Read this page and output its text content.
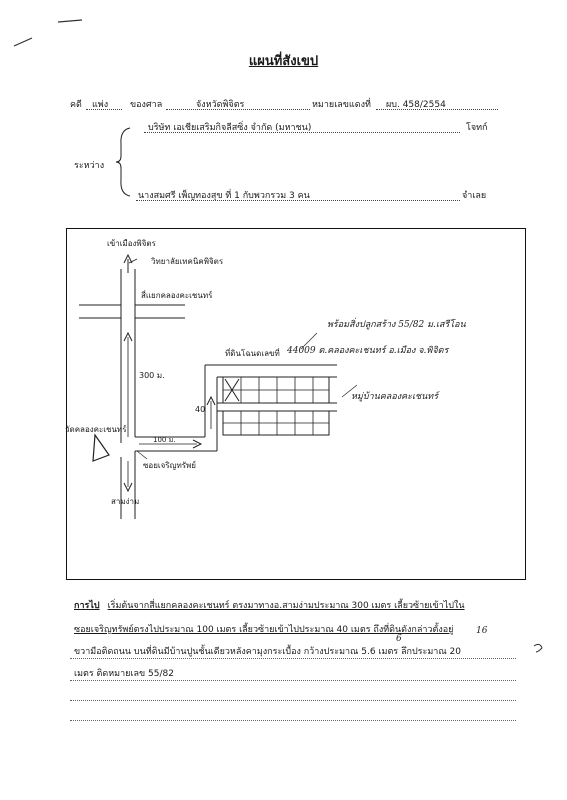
แผนที่สังเขป
คดี แพ่ง ของศาล	จังหวัดพิจิตร	หมายเลขแดงที่ ผบ. 458/2554
บริษัท เอเชียเสริมกิจลีสซิ่ง จำกัด (มหาชน)	โจทก์
ระหว่าง
นางสมศรี เพ็ญทองสุข ที่ 1 กับพวกรวม 3 คน	จำเลย
เข้าเมืองพิจิตร
วิทยาลัยเทคนิคพิจิตร
สี่แยกคลองคะเชนทร์
300 ม.
40
100 ม.
ที่ดินโฉนดเลขที่ 44009 ต.คลองคะเชนทร์ อ.เมือง จ.พิจิตร
พร้อมสิ่งปลูกสร้าง 55/82 ม.เสรีโอน
หมู่บ้านคลองคะเชนทร์
วัดคลองคะเชนทร์
ซอยเจริญทรัพย์
สามง่าม
การไป เริ่มต้นจากสี่แยกคลองคะเชนทร์ ตรงมาทางอ.สามง่ามประมาณ 300 เมตร เลี้ยวซ้ายเข้าไปใน
ซอยเจริญทรัพย์ตรงไปประมาณ 100 เมตร เลี้ยวซ้ายเข้าไปประมาณ 40 เมตร ถึงที่ดินดังกล่าวตั้งอยู่
ขวามือติดถนน บนที่ดินมีบ้านปูนชั้นเดียวหลังคามุงกระเบื้อง กว้างประมาณ 5.6 เมตร ลึกประมาณ 20
6
16
เมตร ติดหมายเลข 55/82
